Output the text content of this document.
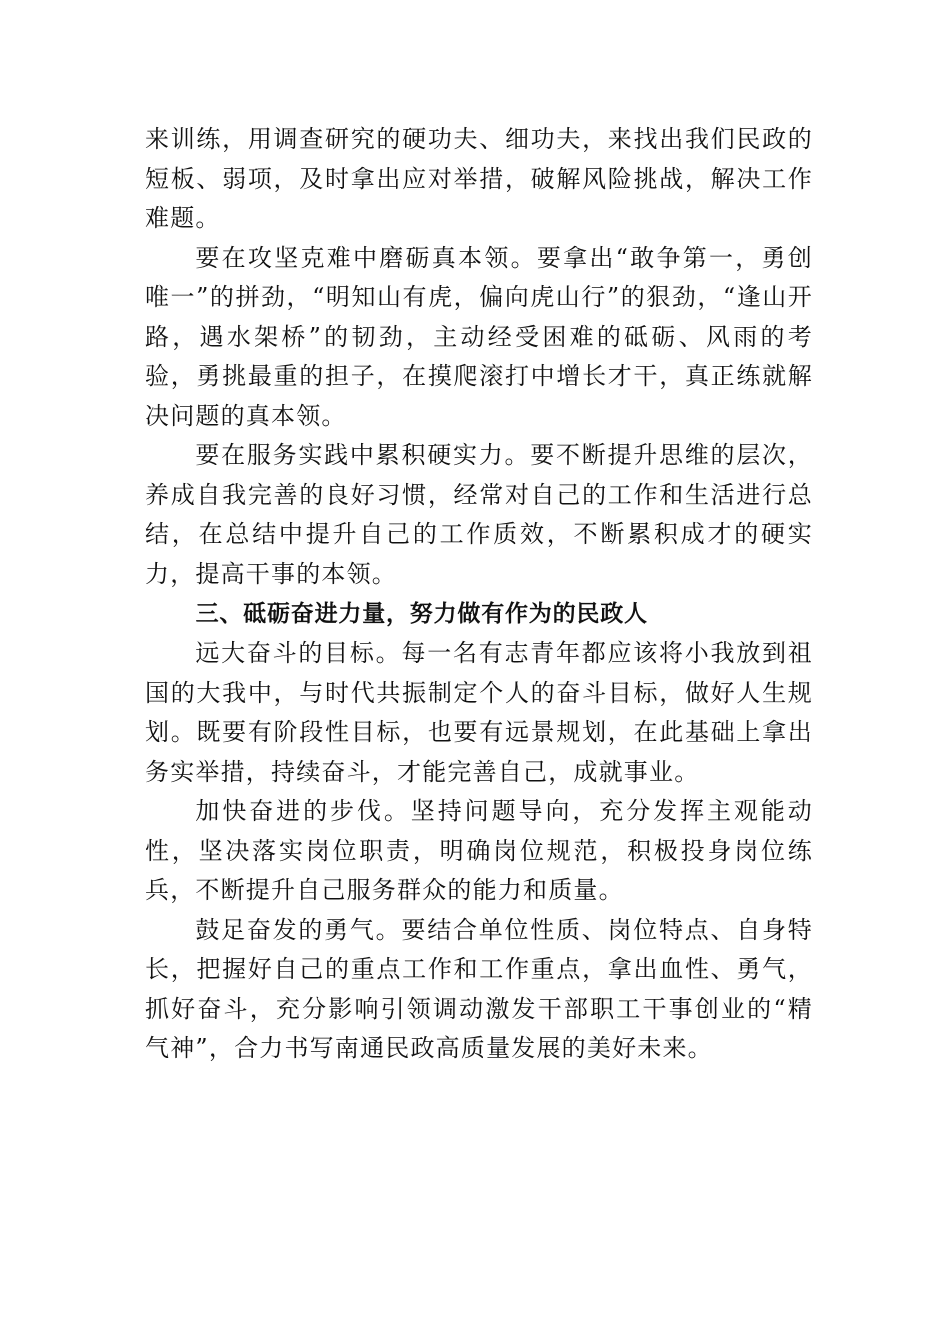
来训练，用调查研究的硬功夫、细功夫，来找出我们民政的短板、弱项，及时拿出应对举措，破解风险挑战，解决工作难题。

要在攻坚克难中磨砺真本领。要拿出“敢争第一，勇创唯一”的拼劲，“明知山有虎，偏向虎山行”的狠劲，“逢山开路，遇水架桥”的韧劲，主动经受困难的砥砺、风雨的考验，勇挑最重的担子，在摸爬滚打中增长才干，真正练就解决问题的真本领。

要在服务实践中累积硬实力。要不断提升思维的层次，养成自我完善的良好习惯，经常对自己的工作和生活进行总结，在总结中提升自己的工作质效，不断累积成才的硬实力，提高干事的本领。

三、砥砺奋进力量，努力做有作为的民政人

远大奋斗的目标。每一名有志青年都应该将小我放到祖国的大我中，与时代共振制定个人的奋斗目标，做好人生规划。既要有阶段性目标，也要有远景规划，在此基础上拿出务实举措，持续奋斗，才能完善自己，成就事业。

加快奋进的步伐。坚持问题导向，充分发挥主观能动性，坚决落实岗位职责，明确岗位规范，积极投身岗位练兵，不断提升自己服务群众的能力和质量。

鼓足奋发的勇气。要结合单位性质、岗位特点、自身特长，把握好自己的重点工作和工作重点，拿出血性、勇气， 抓好奋斗，充分影响引领调动激发干部职工干事创业的“精气神”，合力书写南通民政高质量发展的美好未来。
